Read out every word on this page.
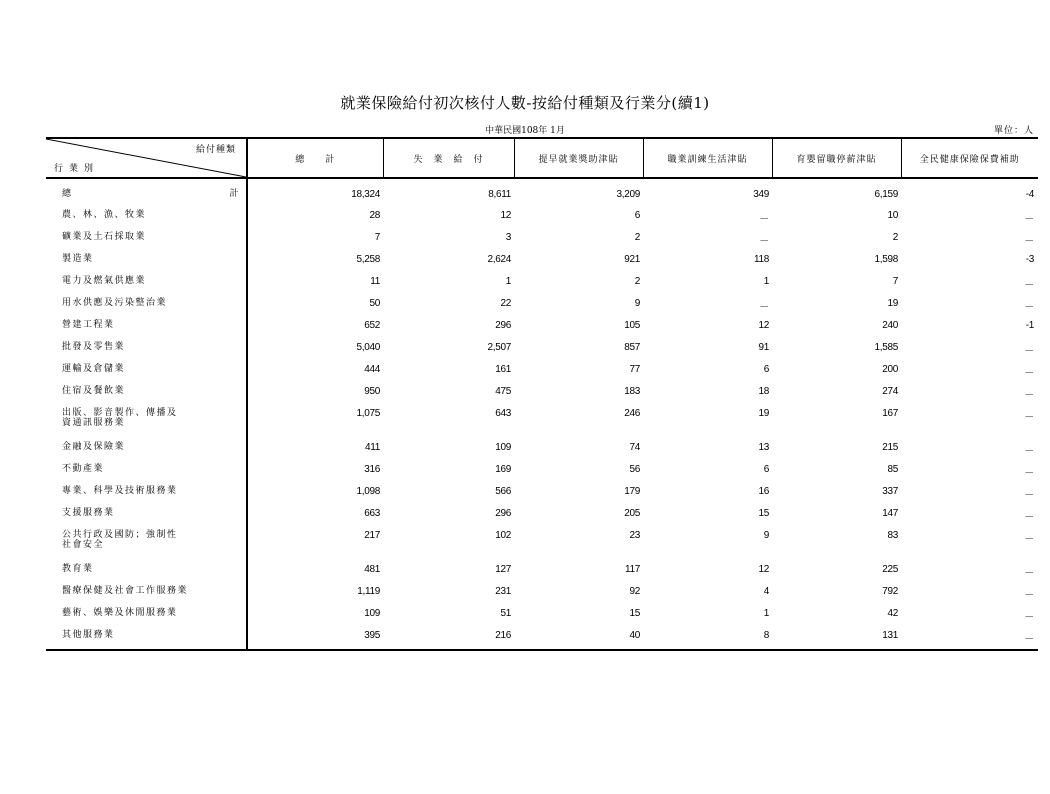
就業保險給付初次核付人數-按給付種類及行業分(續1)
中華民國108年 1月	單位：人
給付種類
行業別	總　　計	失　業　給　付	提早就業獎助津貼	職業訓練生活津貼	育嬰留職停薪津貼	全民健康保險保費補助

總 計	18,324	8,611	3,209	349	6,159	-4

農、林、漁、牧業	28	12	6	－	10	－

礦業及土石採取業	7	3	2	－	2	－

製造業	5,258	2,624	921	118	1,598	-3

電力及燃氣供應業	11	1	2	1	7	－

用水供應及污染整治業	50	22	9	－	19	－

營建工程業	652	296	105	12	240	-1

批發及零售業	5,040	2,507	857	91	1,585	－

運輸及倉儲業	444	161	77	6	200	－

住宿及餐飲業	950	475	183	18	274	－

出版、影音製作、傳播及
資通訊服務業	1,075	643	246	19	167	－

金融及保險業	411	109	74	13	215	－

不動產業	316	169	56	6	85	－

專業、科學及技術服務業	1,098	566	179	16	337	－

支援服務業	663	296	205	15	147	－

公共行政及國防；強制性
社會安全	217	102	23	9	83	－

教育業	481	127	117	12	225	－

醫療保健及社會工作服務業	1,119	231	92	4	792	－

藝術、娛樂及休閒服務業	109	51	15	1	42	－

其他服務業	395	216	40	8	131	－
